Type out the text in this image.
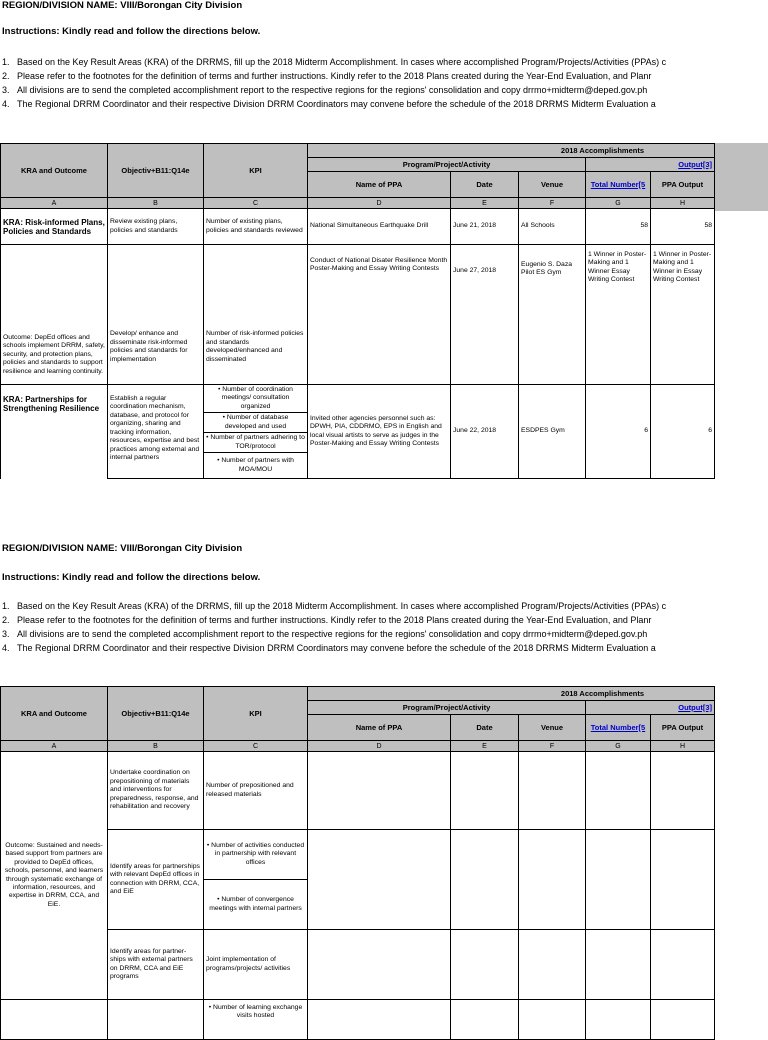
REGION/DIVISION NAME: VIII/Borongan City Division
Instructions: Kindly read and follow the directions below.
1. Based on the Key Result Areas (KRA) of the DRRMS, fill up the 2018 Midterm Accomplishment. In cases where accomplished Program/Projects/Activities (PPAs) c
2. Please refer to the footnotes for the definition of terms and further instructions. Kindly refer to the 2018 Plans created during the Year-End Evaluation, and Planr
3. All divisions are to send the completed accomplishment report to the respective regions for the regions' consolidation and copy drrmo+midterm@deped.gov.ph
4. The Regional DRRM Coordinator and their respective Division DRRM Coordinators may convene before the schedule of the 2018 DRRMS Midterm Evaluation a
KRA and Outcome	Objectiv+B11:Q14e	KPI	2018 Accomplishments				
			Program/Project/Activity			Output[3]	
			Name of PPA	Date	Venue	Total Number[5	PPA Output
A	B	C	D	E	F	G	H
KRA: Risk-informed Plans, Policies and Standards	Review existing plans, policies and standards	Number of existing plans, policies and standards reviewed	National Simultaneous Earthquake Drill	June 21, 2018	All Schools	58	58
Outcome: DepEd offices and schools implement DRRM, safety, security, and protection plans, policies and standards to support resilience and learning continuity.	Develop/ enhance and disseminate risk-informed policies and standards for implementation	Number of risk-informed policies and standards developed/enhanced and disseminated	Conduct of National Disater Resilience Month Poster-Making and Essay Writing Contests	June 27, 2018	Eugenio S. Daza Pilot ES Gym	1 Winner in Poster-Making and 1 Winner Essay Writing Contest	1 Winner in Poster-Making and 1 Winner in Essay Writing Contest
KRA: Partnerships for Strengthening Resilience	Establish a regular coordination mechanism, database, and protocol for organizing, sharing and tracking information, resources, expertise and best practices among external and internal partners	• Number of coordination meetings/ consultation organized	Invited other agencies personnel such as: DPWH, PIA, CDDRMO, EPS in English and local visual artists to serve as judges in the Poster-Making and Essay Writing Contests	June 22, 2018	ESDPES Gym	6	6
		• Number of database developed and used					
		• Number of partners adhering to TOR/protocol					
		• Number of partners with MOA/MOU					
REGION/DIVISION NAME: VIII/Borongan City Division
Instructions: Kindly read and follow the directions below.
1. Based on the Key Result Areas (KRA) of the DRRMS, fill up the 2018 Midterm Accomplishment. In cases where accomplished Program/Projects/Activities (PPAs) c
2. Please refer to the footnotes for the definition of terms and further instructions. Kindly refer to the 2018 Plans created during the Year-End Evaluation, and Planr
3. All divisions are to send the completed accomplishment report to the respective regions for the regions' consolidation and copy drrmo+midterm@deped.gov.ph
4. The Regional DRRM Coordinator and their respective Division DRRM Coordinators may convene before the schedule of the 2018 DRRMS Midterm Evaluation a
KRA and Outcome	Objectiv+B11:Q14e	KPI	2018 Accomplishments				
			Program/Project/Activity			Output[3]	
			Name of PPA	Date	Venue	Total Number[5	PPA Output
A	B	C	D	E	F	G	H
Outcome: Sustained and needs-based support from partners are provided to DepEd offices, schools, personnel, and learners through systematic exchange of information, resources, and expertise in DRRM, CCA, and EiE.	Undertake coordination on prepositioning of materials and interventions for preparedness, response, and rehabilitation and recovery	Number of prepositioned and released materials					
	Identify areas for partnerships with relevant DepEd offices in connection with DRRM, CCA, and EiE	• Number of activities conducted in partnership with relevant offices					
		• Number of convergence meetings with internal partners					
	Identify areas for partner-ships with external partners on DRRM, CCA and EiE programs	Joint implementation of programs/projects/ activities					
		• Number of learning exchange visits hosted					
